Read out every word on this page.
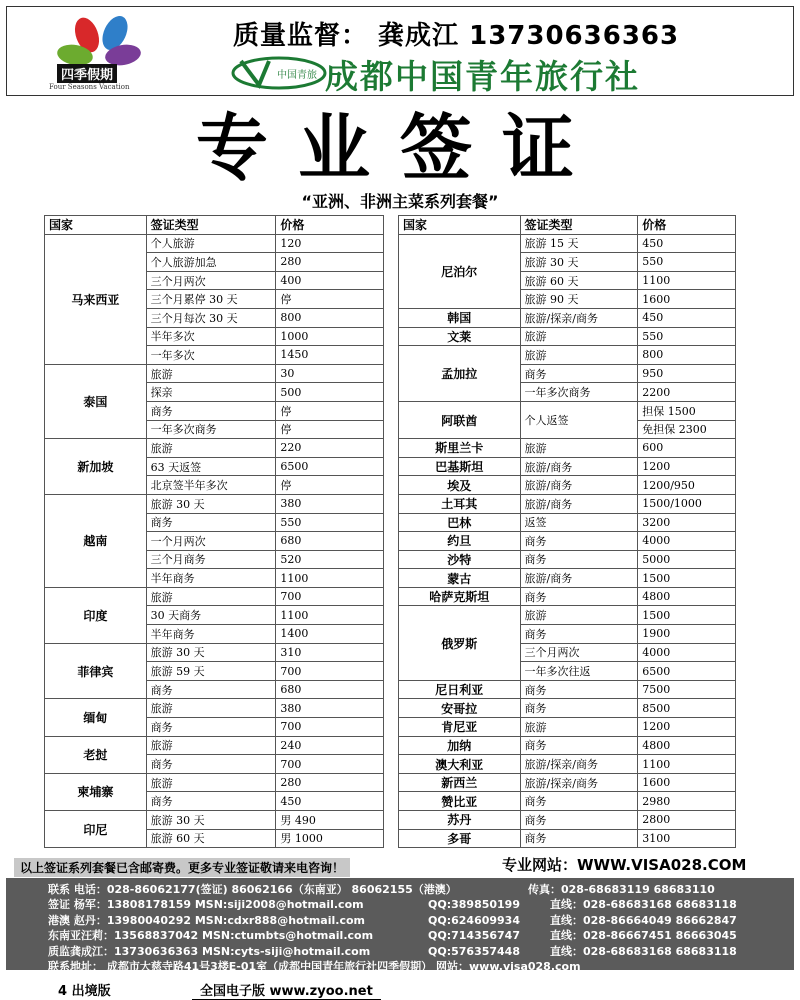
四季假期
Four Seasons Vacation
质量监督： 龚成江 13730636363
中国青旅 成都中国青年旅行社
专业签证
“亚洲、非洲主菜系列套餐”
国家	签证类型	价格
马来西亚	个人旅游	120
	个人旅游加急	280
	三个月两次	400
	三个月累停 30 天	停
	三个月每次 30 天	800
	半年多次	1000
	一年多次	1450
泰国	旅游	30
	探亲	500
	商务	停
	一年多次商务	停
新加坡	旅游	220
	63 天返签	6500
	北京签半年多次	停
越南	旅游 30 天	380
	商务	550
	一个月两次	680
	三个月商务	520
	半年商务	1100
印度	旅游	700
	30 天商务	1100
	半年商务	1400
菲律宾	旅游 30 天	310
	旅游 59 天	700
	商务	680
缅甸	旅游	380
	商务	700
老挝	旅游	240
	商务	700
柬埔寨	旅游	280
	商务	450
印尼	旅游 30 天	男 490
	旅游 60 天	男 1000
国家	签证类型	价格
尼泊尔	旅游 15 天	450
	旅游 30 天	550
	旅游 60 天	1100
	旅游 90 天	1600
韩国	旅游/探亲/商务	450
文莱	旅游	550
孟加拉	旅游	800
	商务	950
	一年多次商务	2200
阿联酋	个人返签	担保 1500
		免担保 2300
斯里兰卡	旅游	600
巴基斯坦	旅游/商务	1200
埃及	旅游/商务	1200/950
土耳其	旅游/商务	1500/1000
巴林	返签	3200
约旦	商务	4000
沙特	商务	5000
蒙古	旅游/商务	1500
哈萨克斯坦	商务	4800
俄罗斯	旅游	1500
	商务	1900
	三个月两次	4000
	一年多次往返	6500
尼日利亚	商务	7500
安哥拉	商务	8500
肯尼亚	旅游	1200
加纳	商务	4800
澳大利亚	旅游/探亲/商务	1100
新西兰	旅游/探亲/商务	1600
赞比亚	商务	2980
苏丹	商务	2800
多哥	商务	3100
以上签证系列套餐已含邮寄费。更多专业签证敬请来电咨询！	专业网站：WWW.VISA028.COM
联系 电话：028-86062177(签证) 86062166（东南亚） 86062155（港澳）	传真：028-68683119 68683110
签证 杨军：13808178159 MSN:siji2008@hotmail.com	QQ:389850199	直线：028-68683168 68683118
港澳 赵丹：13980040292 MSN:cdxr888@hotmail.com	QQ:624609934	直线：028-86664049 86662847
东南亚汪莉：13568837042 MSN:ctumbts@hotmail.com	QQ:714356747	直线：028-86667451 86663045
质监龚成江：13730636363 MSN:cyts-siji@hotmail.com	QQ:576357448	直线：028-68683168 68683118
联系地址： 成都市大慈寺路41号3楼E-01室（成都中国青年旅行社四季假期） 网站：www.visa028.com
4 出境版	全国电子版 www.zyoo.net
